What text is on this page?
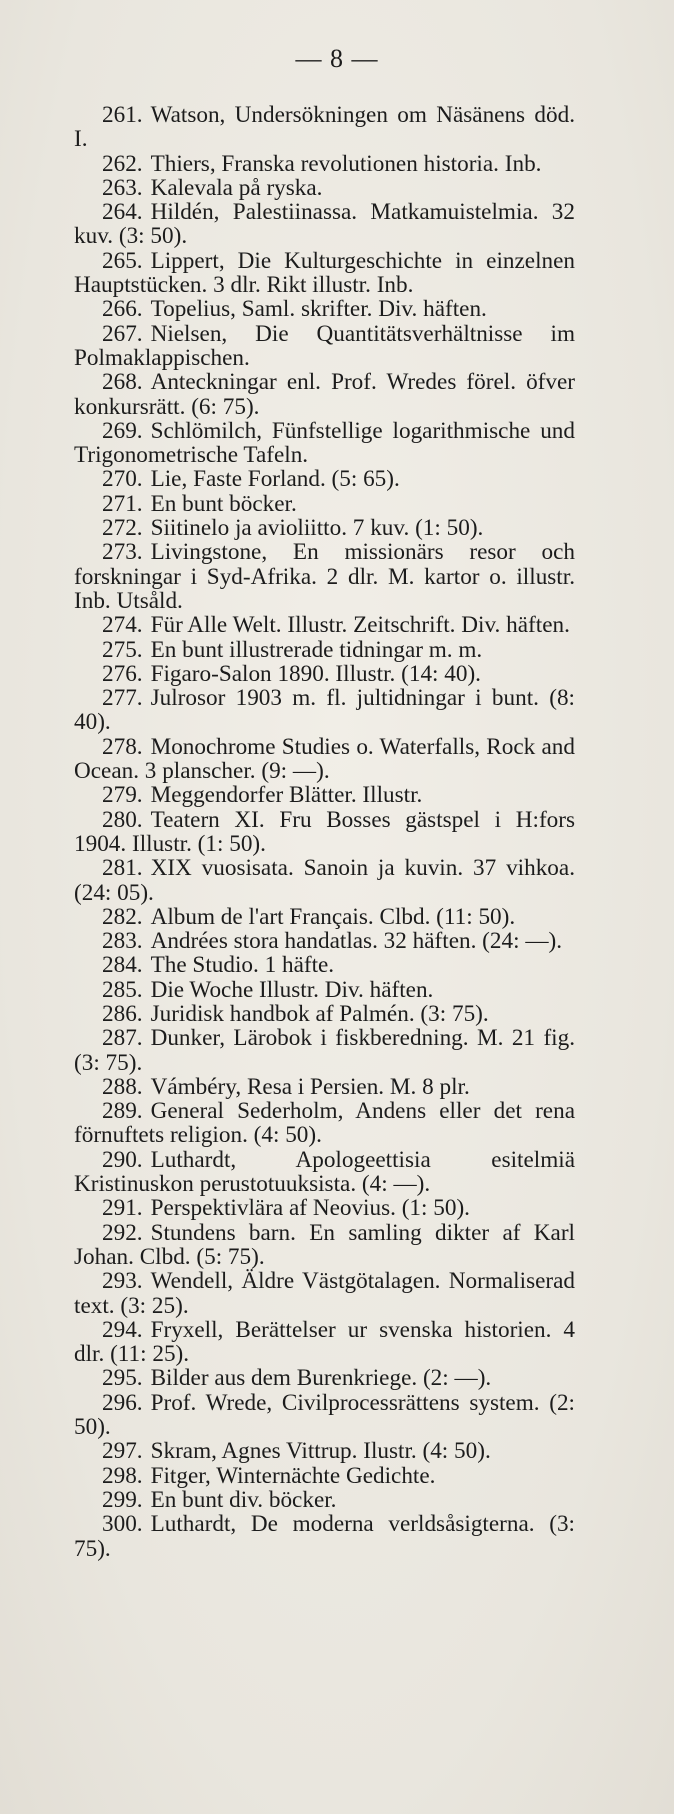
— 8 —

261. Watson, Undersökningen om Näsänens död. I.

262. Thiers, Franska revolutionen historia. Inb.

263. Kalevala på ryska.

264. Hildén, Palestiinassa. Matkamuistelmia. 32 kuv. (3: 50).

265. Lippert, Die Kulturgeschichte in einzelnen Hauptstücken. 3 dlr. Rikt illustr. Inb.

266. Topelius, Saml. skrifter. Div. häften.

267. Nielsen, Die Quantitätsverhältnisse im Polmaklappischen.

268. Anteckningar enl. Prof. Wredes förel. öfver konkursrätt. (6: 75).

269. Schlömilch, Fünfstellige logarithmische und Trigonometrische Tafeln.

270. Lie, Faste Forland. (5: 65).

271. En bunt böcker.

272. Siitinelo ja avioliitto. 7 kuv. (1: 50).

273. Livingstone, En missionärs resor och forskningar i Syd-Afrika. 2 dlr. M. kartor o. illustr. Inb. Utsåld.

274. Für Alle Welt. Illustr. Zeitschrift. Div. häften.

275. En bunt illustrerade tidningar m. m.

276. Figaro-Salon 1890. Illustr. (14: 40).

277. Julrosor 1903 m. fl. jultidningar i bunt. (8: 40).

278. Monochrome Studies o. Waterfalls, Rock and Ocean. 3 planscher. (9: —).

279. Meggendorfer Blätter. Illustr.

280. Teatern XI. Fru Bosses gästspel i H:fors 1904. Illustr. (1: 50).

281. XIX vuosisata. Sanoin ja kuvin. 37 vihkoa. (24: 05).

282. Album de l'art Français. Clbd. (11: 50).

283. Andrées stora handatlas. 32 häften. (24: —).

284. The Studio. 1 häfte.

285. Die Woche Illustr. Div. häften.

286. Juridisk handbok af Palmén. (3: 75).

287. Dunker, Lärobok i fiskberedning. M. 21 fig. (3: 75).

288. Vámbéry, Resa i Persien. M. 8 plr.

289. General Sederholm, Andens eller det rena förnuftets religion. (4: 50).

290. Luthardt, Apologeettisia esitelmiä Kristinuskon perustotuuksista. (4: —).

291. Perspektivlära af Neovius. (1: 50).

292. Stundens barn. En samling dikter af Karl Johan. Clbd. (5: 75).

293. Wendell, Äldre Västgötalagen. Normaliserad text. (3: 25).

294. Fryxell, Berättelser ur svenska historien. 4 dlr. (11: 25).

295. Bilder aus dem Burenkriege. (2: —).

296. Prof. Wrede, Civilprocessrättens system. (2: 50).

297. Skram, Agnes Vittrup. Ilustr. (4: 50).

298. Fitger, Winternächte Gedichte.

299. En bunt div. böcker.

300. Luthardt, De moderna verldsåsigterna. (3: 75).
